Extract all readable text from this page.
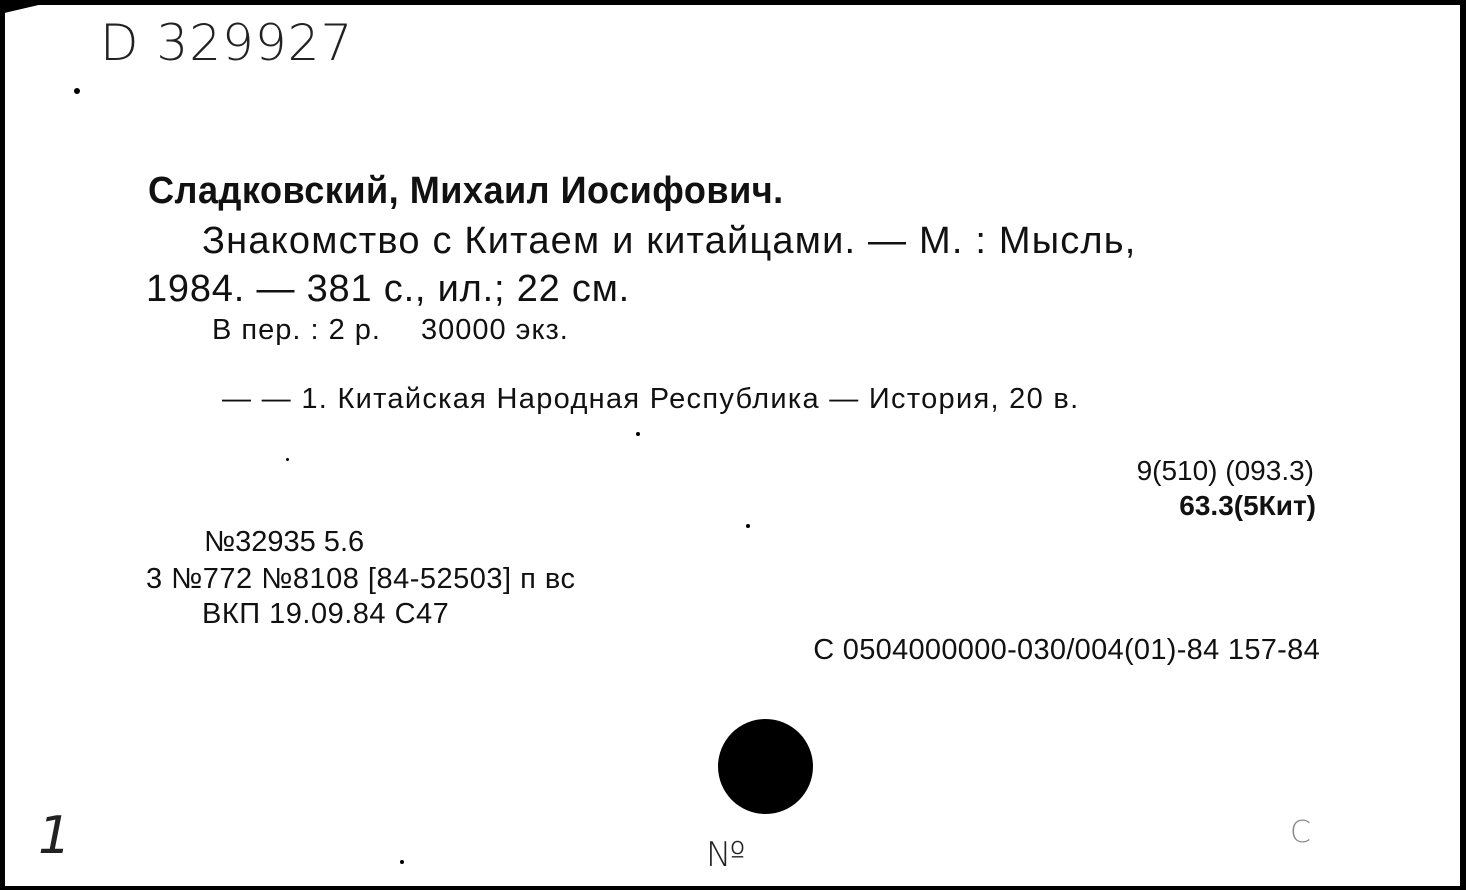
D 329927
Сладковский, Михаил Иосифович.
Знакомство с Китаем и китайцами. — М. : Мысль,
1984. — 381 с., ил.; 22 см.
В пер. : 2 р. 30000 экз.
— — 1. Китайская Народная Республика — История, 20 в.
9(510) (093.3)
63.3(5Кит)
№32935 5.6
3 №772 №8108 [84-52503] п вс
ВКП 19.09.84 С47
С 0504000000-030/004(01)-84 157-84
1	№
С
